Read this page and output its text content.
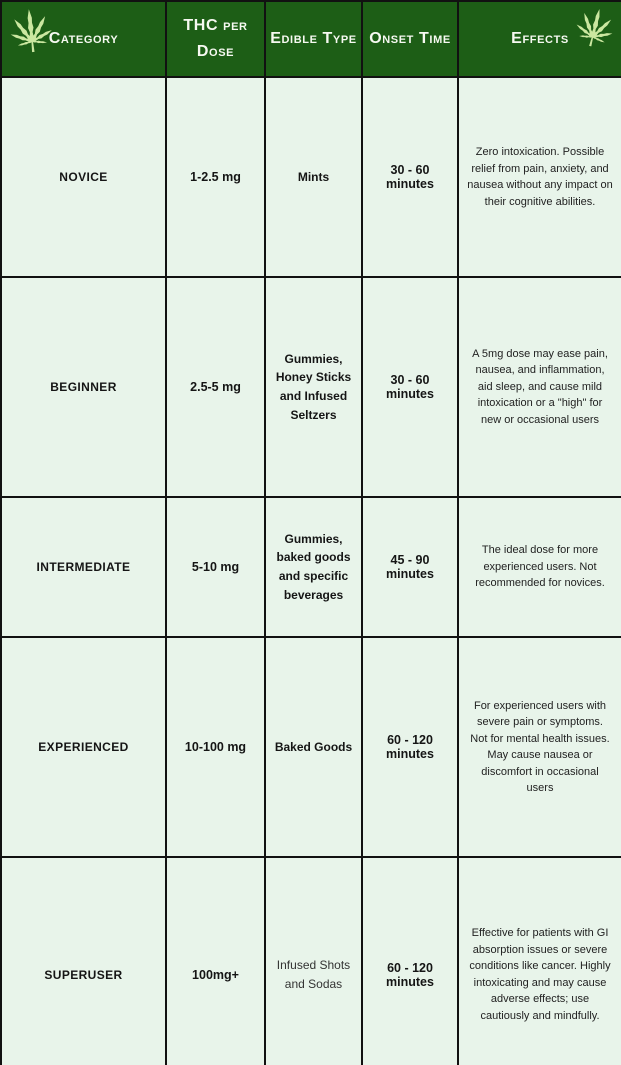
Category	THC per Dose	Edible Type	Onset Time	Effects
NOVICE	1-2.5 mg	Mints	30 - 60 minutes	Zero intoxication. Possible relief from pain, anxiety, and nausea without any impact on their cognitive abilities.
BEGINNER	2.5-5 mg	Gummies, Honey Sticks and Infused Seltzers	30 - 60 minutes	A 5mg dose may ease pain, nausea, and inflammation, aid sleep, and cause mild intoxication or a "high" for new or occasional users
INTERMEDIATE	5-10 mg	Gummies, baked goods and specific beverages	45 - 90 minutes	The ideal dose for more experienced users. Not recommended for novices.
EXPERIENCED	10-100 mg	Baked Goods	60 - 120 minutes	For experienced users with severe pain or symptoms. Not for mental health issues. May cause nausea or discomfort in occasional users
SUPERUSER	100mg+	Infused Shots and Sodas	60 - 120 minutes	Effective for patients with GI absorption issues or severe conditions like cancer. Highly intoxicating and may cause adverse effects; use cautiously and mindfully.
